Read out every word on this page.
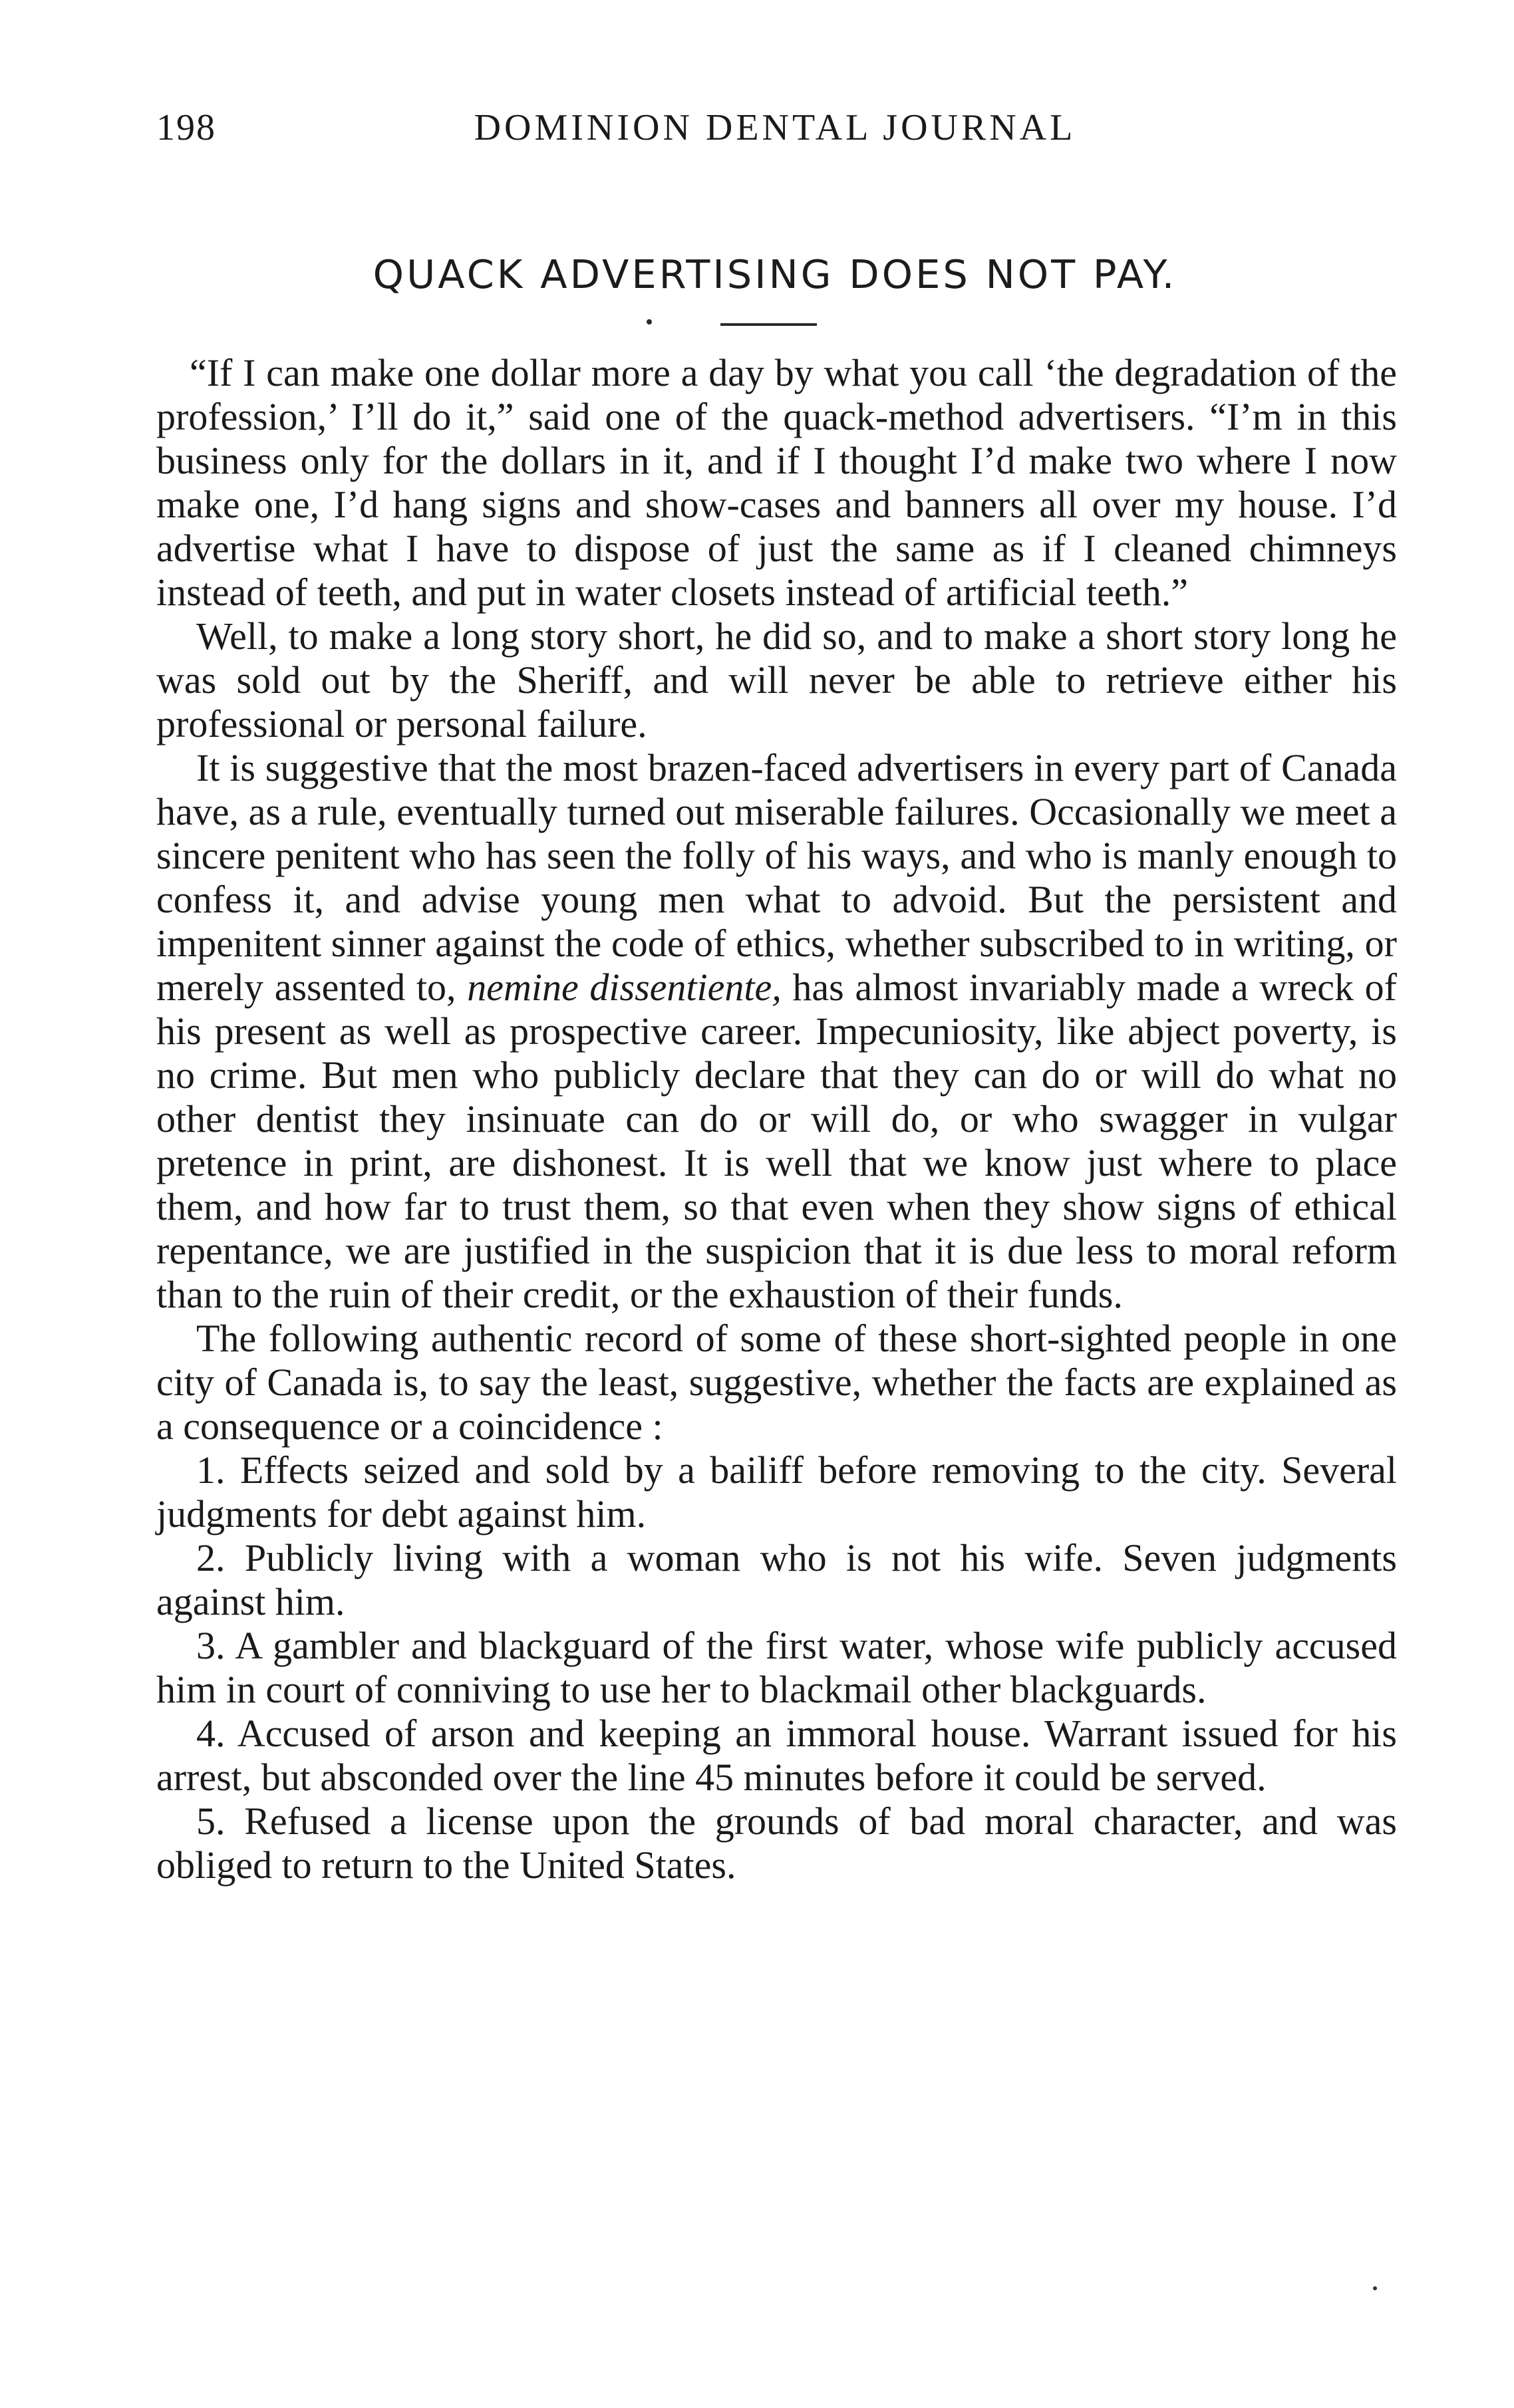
198	DOMINION DENTAL JOURNAL
QUACK ADVERTISING DOES NOT PAY.

“If I can make one dollar more a day by what you call ‘the degradation of the profession,’ I’ll do it,” said one of the quack-method advertisers. “I’m in this business only for the dollars in it, and if I thought I’d make two where I now make one, I’d hang signs and show-cases and banners all over my house. I’d advertise what I have to dispose of just the same as if I cleaned chimneys instead of teeth, and put in water closets instead of artificial teeth.”

Well, to make a long story short, he did so, and to make a short story long he was sold out by the Sheriff, and will never be able to retrieve either his professional or personal failure.

It is suggestive that the most brazen-faced advertisers in every part of Canada have, as a rule, eventually turned out miserable failures. Occasionally we meet a sincere penitent who has seen the folly of his ways, and who is manly enough to confess it, and advise young men what to advoid. But the persistent and impenitent sinner against the code of ethics, whether subscribed to in writing, or merely assented to, nemine dissentiente, has almost invariably made a wreck of his present as well as prospective career. Impecuniosity, like abject poverty, is no crime. But men who publicly declare that they can do or will do what no other dentist they insinuate can do or will do, or who swagger in vulgar pretence in print, are dishonest. It is well that we know just where to place them, and how far to trust them, so that even when they show signs of ethical repentance, we are justified in the suspicion that it is due less to moral reform than to the ruin of their credit, or the exhaustion of their funds.

The following authentic record of some of these short-sighted people in one city of Canada is, to say the least, suggestive, whether the facts are explained as a consequence or a coincidence :

1. Effects seized and sold by a bailiff before removing to the city. Several judgments for debt against him.

2. Publicly living with a woman who is not his wife. Seven judgments against him.

3. A gambler and blackguard of the first water, whose wife publicly accused him in court of conniving to use her to blackmail other blackguards.

4. Accused of arson and keeping an immoral house. Warrant issued for his arrest, but absconded over the line 45 minutes before it could be served.

5. Refused a license upon the grounds of bad moral character, and was obliged to return to the United States.
